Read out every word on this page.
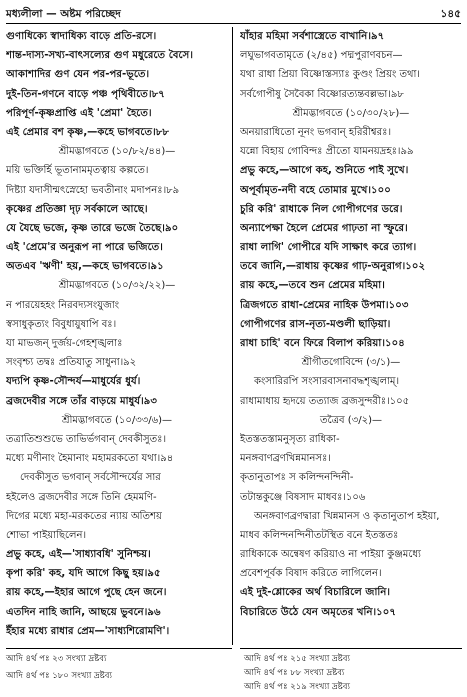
মধ্যলীলা — অষ্টম পরিচ্ছেদ	১৪৫
গুণাধিক্যে স্বাদাধিক্য বাড়ে প্রতি-রসে।
শান্ত-দাস্য-সখ্য-বাৎসল্যের গুণ মধুরেতে বৈসে।
আকাশাদির গুণ যেন পর-পর-ভূতে।
দুই-তিন-গণনে বাড়ে পঞ্চ পৃথিবীতে।৮৭
পরিপূর্ণ-কৃষ্ণপ্রাপ্তি এই 'প্রেমা' হৈতে।
এই প্রেমার বশ কৃষ্ণ,—কহে ভাগবতে।৮৮
শ্রীমদ্ভাগবতে (১০/৮২/৪৪)—
ময়ি ভক্তির্হি ভূতানামমৃতত্বায় কল্পতে।
দিষ্ট্যা যদাসীন্মৎস্নেহো ভবতীনাং মদাপনঃ।৮৯
কৃষ্ণের প্রতিজ্ঞা দৃঢ় সর্বকালে আছে।
যে যৈছে ভজে, কৃষ্ণ তারে ভজে তৈছে।৯০
এই 'প্রেমে'র অনুরূপ না পারে ভজিতে।
অতএব 'ঋণী' হয়,—কহে ভাগবতে।৯১
শ্রীমদ্ভাগবতে (১০/৩২/২২)—
ন পারয়েহহং নিরবদ্যসংযুজাং
স্বসাধুকৃত্যং বিবুধায়ুষাপি বঃ।
যা মাভজন্ দুর্জয়-গেহশৃঙ্খলাঃ
সংবৃশ্চ্য তদ্বঃ প্রতিযাতু সাধুনা।৯২
যদ্যপি কৃষ্ণ-সৌন্দর্য—মাধুর্যের ধুর্য।
ব্রজদেবীর সঙ্গে তাঁর বাড়য়ে মাধুর্য।৯৩
শ্রীমদ্ভাগবতে (১০/৩৩/৬)—
তত্রাতিশুশুভে তাভির্ভগবান্ দেবকীসুতঃ।
মধ্যে মণীনাং হৈমানাং মহামরকতো যথা।৯৪
দেবকীসুত ভগবান্ সর্বসৌন্দর্যের সার
হইলেও ব্রজদেবীর সঙ্গে তিনি হেমমণি-
দিগের মধ্যে মহা-মরকতের ন্যায় অতিশয়
শোভা পাইয়াছিলেন।
প্রভু কহে, এই—'সাধ্যাবধি' সুনিশ্চয়।
কৃপা করি' কহ, যদি আগে কিছু হয়।৯৫
রায় কহে,—ইহার আগে পুছে হেন জনে।
এতদিন নাহি জানি, আছয়ে ভুবনে।৯৬
ইঁহার মধ্যে রাধার প্রেম—'সাধ্যশিরোমণি'।
যাঁহার মহিমা সর্বশাস্ত্রেতে বাখানি।৯৭
লঘুভাগবতামৃতে (২/৪৫) পদ্মপুরাণবচন—
যথা রাধা প্রিয়া বিষ্ণোস্তস্যাঃ কুণ্ডং প্রিয়ং তথা।
সর্বগোপীষু সৈবৈকা বিষ্ণোরত্যন্তবল্লভা।৯৮
শ্রীমদ্ভাগবতে (১০/৩০/২৮)—
অনয়ারাধিতো নূনং ভগবান্ হরিরীশ্বরঃ।
যন্নো বিহায় গোবিন্দঃ প্রীতো যামনয়দ্রহঃ।৯৯
প্রভু কহে,—আগে কহ, শুনিতে পাই সুখে।
অপূর্বামৃত-নদী বহে তোমার মুখে।১০০
চুরি করি' রাধাকে নিল গোপীগণের ডরে।
অন্যাপেক্ষা হৈলে প্রেমের গাঢ়তা না স্ফুরে।
রাধা লাগি' গোপীরে যদি সাক্ষাৎ করে ত্যাগ।
তবে জানি,—রাধায় কৃষ্ণের গাঢ়-অনুরাগ।১০২
রায় কহে,—তবে শুন প্রেমের মহিমা।
ত্রিজগতে রাধা-প্রেমের নাহিক উপমা।১০৩
গোপীগণের রাস-নৃত্য-মণ্ডলী ছাড়িয়া।
রাধা চাহি' বনে ফিরে বিলাপ করিয়া।১০৪
শ্রীগীতগোবিন্দে (৩/১)—
কংসারিরপি সংসারবাসনাবদ্ধশৃঙ্খলাম্।
রাধামাধায় হৃদয়ে তত্যাজ ব্রজসুন্দরীঃ।১০৫
তত্রৈব (৩/২)—
ইতস্ততস্তামনুসৃত্য রাধিকা-
মনঙ্গবাণব্রণখিন্নমানসঃ।
কৃতানুতাপঃ স কলিন্দনন্দিনী-
তটান্তকুঞ্জে বিষসাদ মাধবঃ।১০৬
অনঙ্গবাণব্রণদ্বারা খিন্নমানস ও কৃতানুতাপ হইয়া,
মাধব কলিন্দনন্দিনীতটস্থিত বনে ইতস্ততঃ
রাধিকাকে অন্বেষণ করিয়াও না পাইয়া কুঞ্জমধ্যে
প্রবেশপূর্বক বিষাদ করিতে লাগিলেন।
এই দুই-শ্লোকের অর্থ বিচারিলে জানি।
বিচারিতে উঠে যেন অমৃতের খনি।১০৭
আদি ৪র্থ পঃ ২৩ সংখ্যা দ্রষ্টব্য
আদি ৪র্থ পঃ ১৮০ সংখ্যা দ্রষ্টব্য
আদি ৪র্থ পঃ ২১৫ সংখ্যা দ্রষ্টব্য
আদি ৪র্থ পঃ ৮৮ সংখ্যা দ্রষ্টব্য
আদি ৪র্থ পঃ ২১৯ সংখ্যা দ্রষ্টব্য
